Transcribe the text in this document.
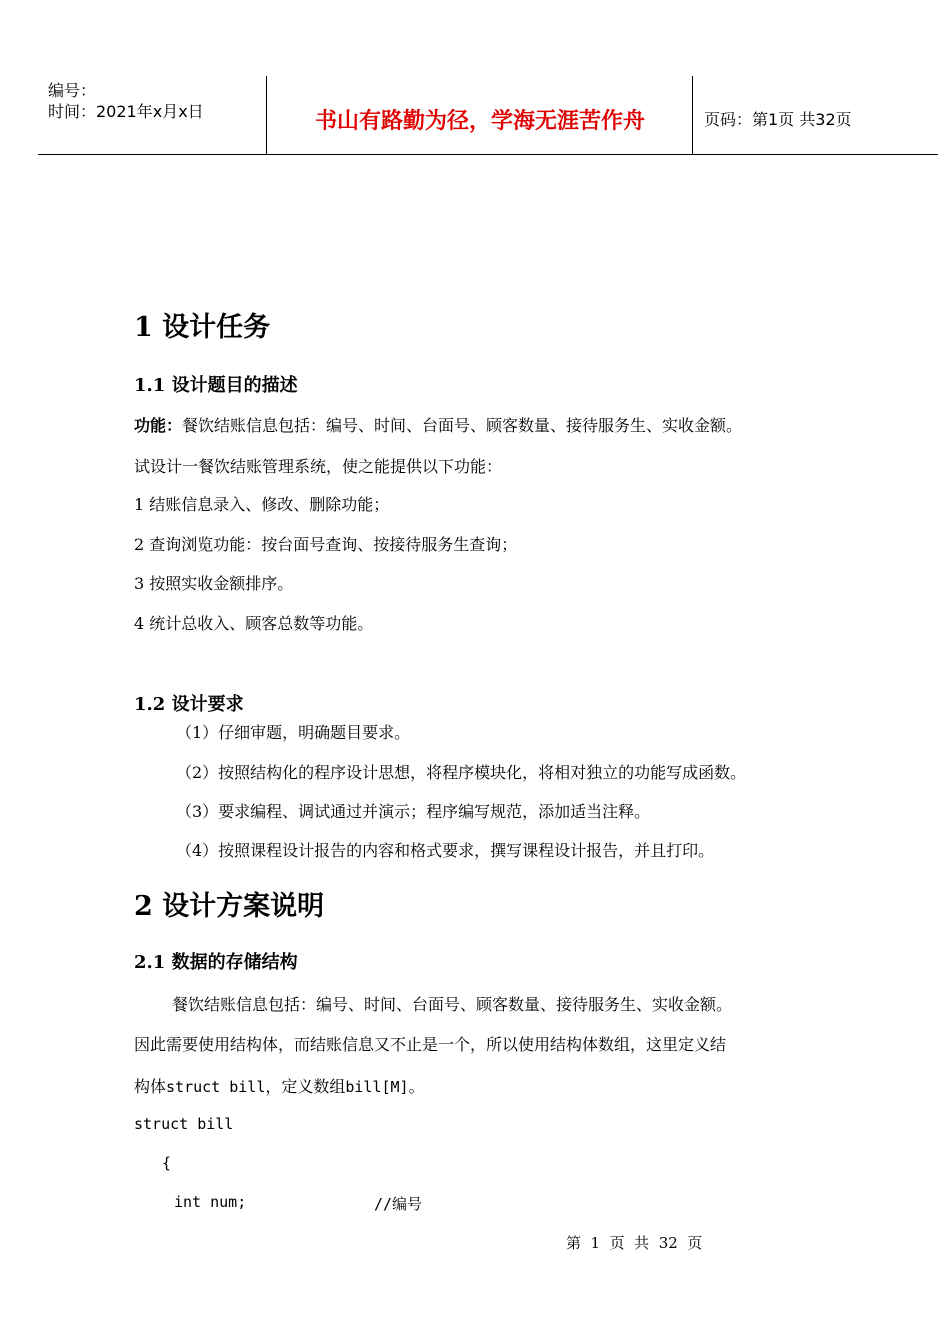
编号：
时间：2021年x月x日	书山有路勤为径，学海无涯苦作舟	页码：第1页 共32页
1 设计任务
1.1 设计题目的描述
功能：餐饮结账信息包括：编号、时间、台面号、顾客数量、接待服务生、实收金额。
试设计一餐饮结账管理系统，使之能提供以下功能：
1 结账信息录入、修改、删除功能；
2 查询浏览功能：按台面号查询、按接待服务生查询；
3 按照实收金额排序。
4 统计总收入、顾客总数等功能。
1.2 设计要求
（1）仔细审题，明确题目要求。
（2）按照结构化的程序设计思想，将程序模块化，将相对独立的功能写成函数。
（3）要求编程、调试通过并演示；程序编写规范，添加适当注释。
（4）按照课程设计报告的内容和格式要求，撰写课程设计报告，并且打印。
2 设计方案说明
2.1 数据的存储结构
餐饮结账信息包括：编号、时间、台面号、顾客数量、接待服务生、实收金额。
因此需要使用结构体，而结账信息又不止是一个，所以使用结构体数组，这里定义结
构体struct bill，定义数组bill[M]。
struct bill
{
int num;	//编号
第  1  页  共  32  页
